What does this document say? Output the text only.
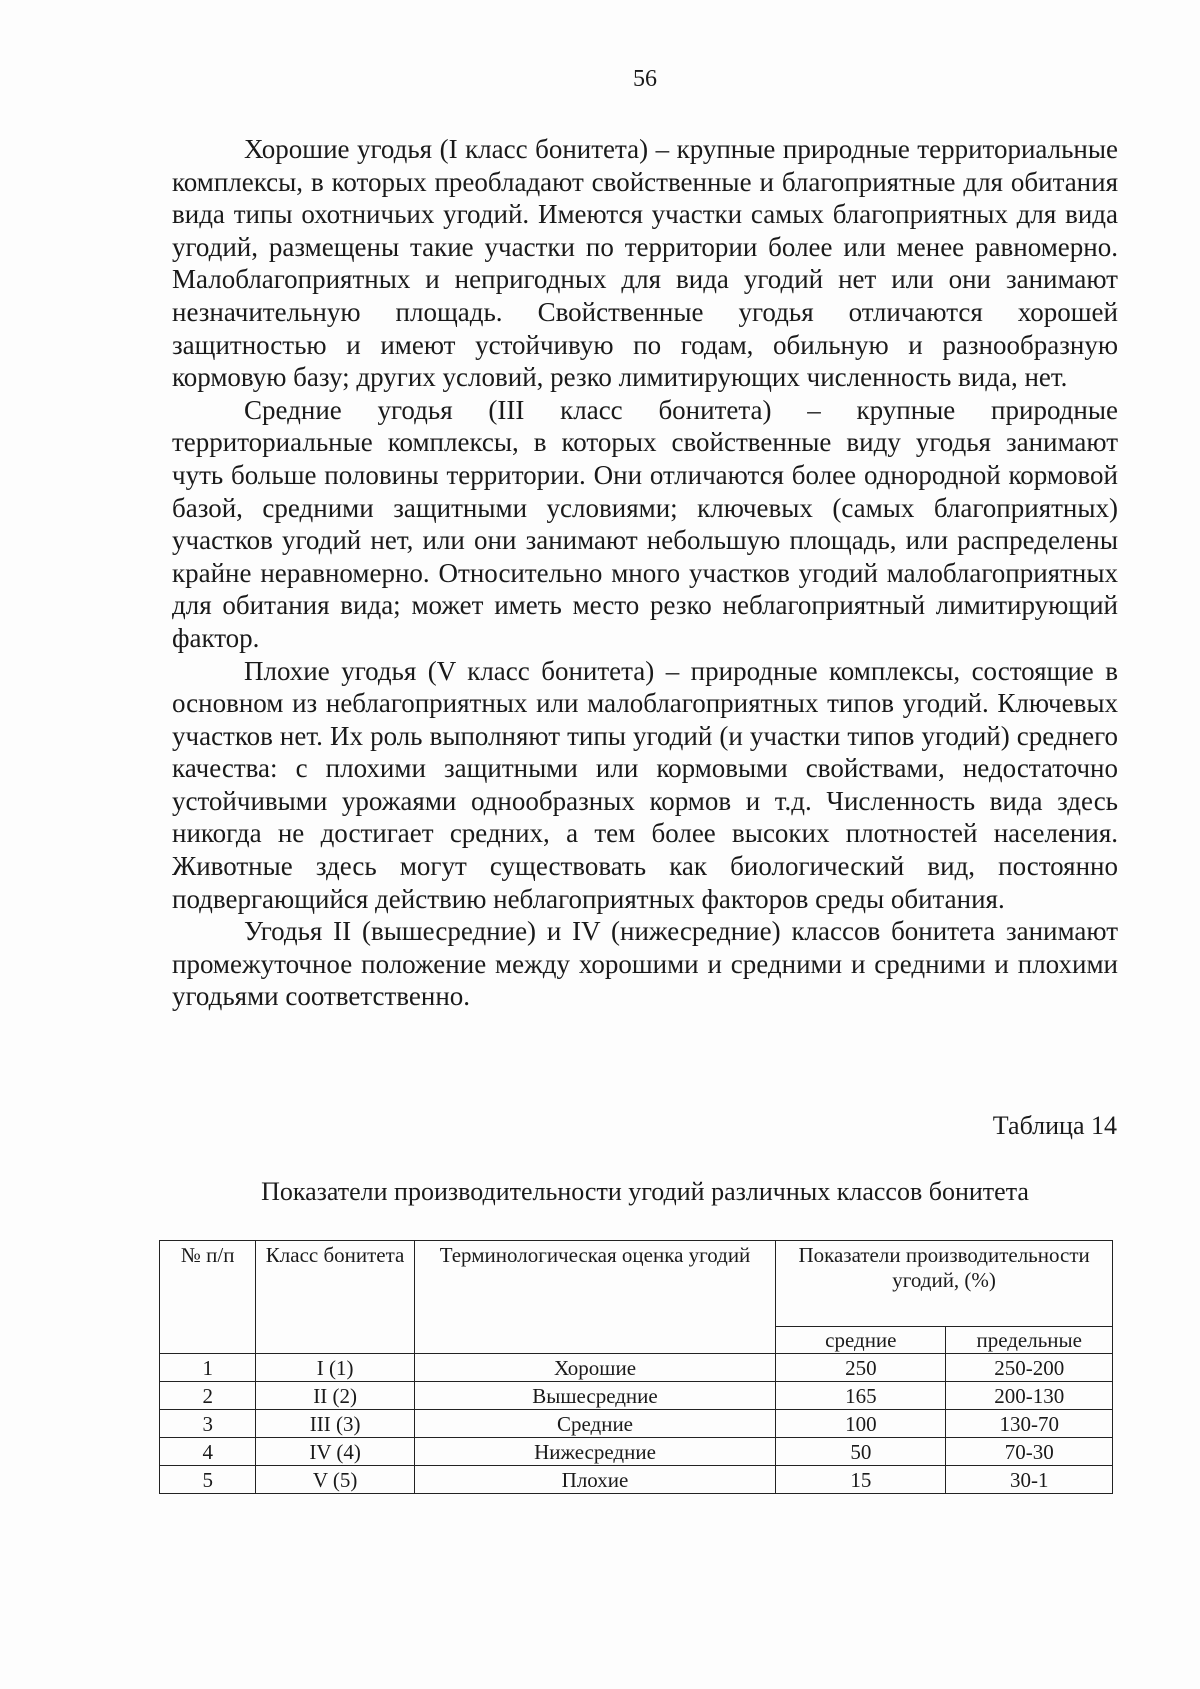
56

Хорошие угодья (I класс бонитета) – крупные природные территориальные комплексы, в которых преобладают свойственные и благоприятные для обитания вида типы охотничьих угодий. Имеются участки самых благоприятных для вида угодий, размещены такие участки по территории более или менее равномерно. Малоблагоприятных и непригодных для вида угодий нет или они занимают незначительную площадь. Свойственные угодья отличаются хорошей защитностью и имеют устойчивую по годам, обильную и разнообразную кормовую базу; других условий, резко лимитирующих численность вида, нет.

Средние угодья (III класс бонитета) – крупные природные территориальные комплексы, в которых свойственные виду угодья занимают чуть больше половины территории. Они отличаются более однородной кормовой базой, средними защитными условиями; ключевых (самых благоприятных) участков угодий нет, или они занимают небольшую площадь, или распределены крайне неравномерно. Относительно много участков угодий малоблагоприятных для обитания вида; может иметь место резко неблагоприятный лимитирующий фактор.

Плохие угодья (V класс бонитета) – природные комплексы, состоящие в основном из неблагоприятных или малоблагоприятных типов угодий. Ключевых участков нет. Их роль выполняют типы угодий (и участки типов угодий) среднего качества: с плохими защитными или кормовыми свойствами, недостаточно устойчивыми урожаями однообразных кормов и т.д. Численность вида здесь никогда не достигает средних, а тем более высоких плотностей населения. Животные здесь могут существовать как биологический вид, постоянно подвергающийся действию неблагоприятных факторов среды обитания.

Угодья II (вышесредние) и IV (нижесредние) классов бонитета занимают промежуточное положение между хорошими и средними и средними и плохими угодьями соответственно.

Таблица 14
Показатели производительности угодий различных классов бонитета
№ п/п	Класс бонитета	Терминологическая оценка угодий	Показатели производительности угодий, (%)	
			средние	предельные
1	I (1)	Хорошие	250	250-200
2	II (2)	Вышесредние	165	200-130
3	III (3)	Средние	100	130-70
4	IV (4)	Нижесредние	50	70-30
5	V (5)	Плохие	15	30-1
